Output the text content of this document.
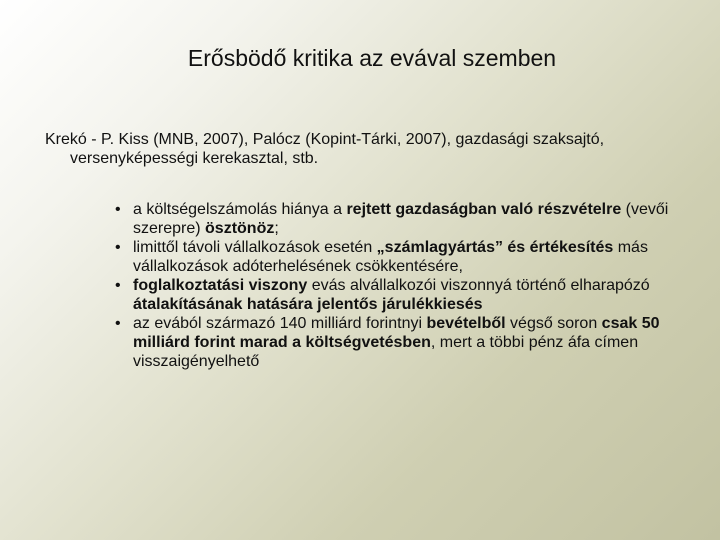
Erősbödő kritika az evával szemben

Krekó - P. Kiss (MNB, 2007), Palócz (Kopint-Tárki, 2007), gazdasági szaksajtó, versenyképességi kerekasztal, stb.

• a költségelszámolás hiánya a rejtett gazdaságban való részvételre (vevői szerepre) ösztönöz;
• limittől távoli vállalkozások esetén „számlagyártás” és értékesítés más vállalkozások adóterhelésének csökkentésére,
• foglalkoztatási viszony evás alvállalkozói viszonnyá történő elharapózó átalakításának hatására jelentős járulékkiesés
• az evából származó 140 milliárd forintnyi bevételből végső soron csak 50 milliárd forint marad a költségvetésben, mert a többi pénz áfa címen visszaigényelhető
